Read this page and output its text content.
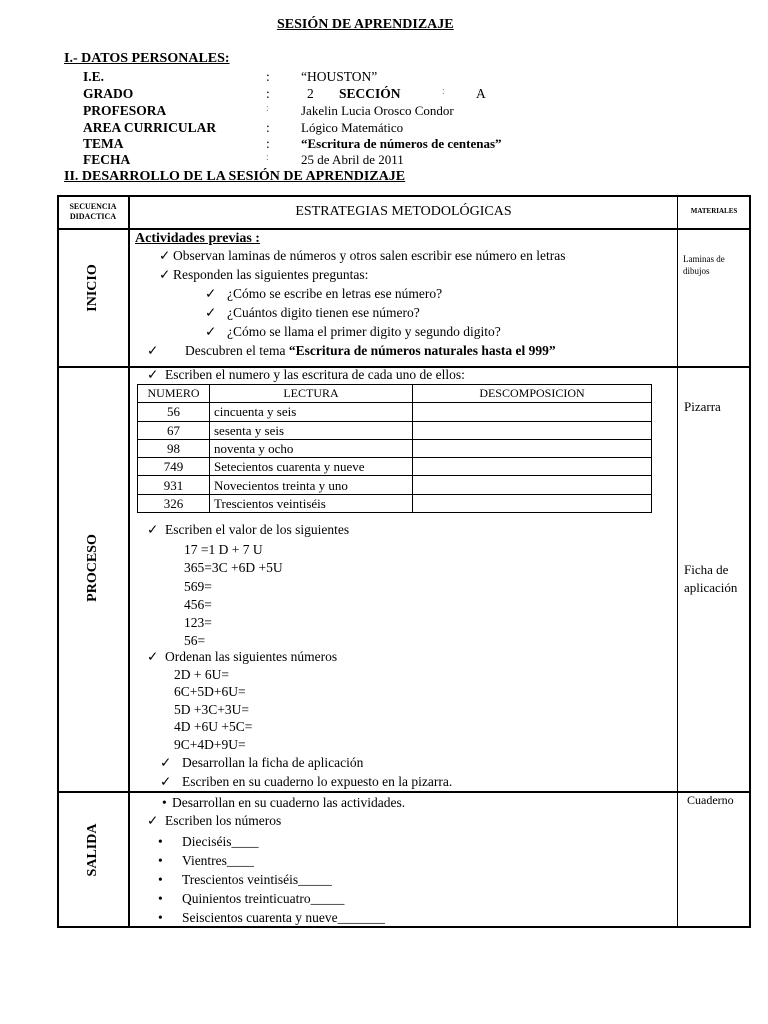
SESIÓN DE APRENDIZAJE
I.- DATOS PERSONALES:
I.E.	: “HOUSTON”
GRADO	:	2 SECCIÓN	: A
PROFESORA	: Jakelin Lucia Orosco Condor
AREA CURRICULAR	: Lógico Matemático
TEMA	: “Escritura de números de centenas”
FECHA	: 25 de Abril de 2011
II. DESARROLLO DE LA SESIÓN DE APRENDIZAJE
SECUENCIA
DIDACTICA	ESTRATEGIAS METODOLÓGICAS	MATERIALES
INICIO
Actividades previas :
✓ Observan laminas de números y otros salen escribir ese número en letras
✓ Responden las siguientes preguntas:
✓ ¿Cómo se escribe en letras ese número?
✓ ¿Cuántos digito tienen ese número?
✓ ¿Cómo se llama el primer digito y segundo digito?
✓ Descubren el tema “Escritura de números naturales hasta el 999”
Laminas de
dibujos
PROCESO
✓ Escriben el numero y las escritura de cada uno de ellos:
NUMERO	LECTURA	DESCOMPOSICION
56	cincuenta y seis	
67	sesenta y seis	
98	noventa y ocho	
749	Setecientos cuarenta y nueve	
931	Novecientos treinta y uno	
326	Trescientos veintiséis	
✓ Escriben el valor de los siguientes
17 =1 D + 7 U
365=3C +6D +5U
569=
456=
123=
56=
✓ Ordenan las siguientes números
2D + 6U=
6C+5D+6U=
5D +3C+3U=
4D +6U +5C=
9C+4D+9U=
✓ Desarrollan la ficha de aplicación
✓ Escriben en su cuaderno lo expuesto en la pizarra.
Pizarra
Ficha de
aplicación
SALIDA
• Desarrollan en su cuaderno las actividades.
✓ Escriben los números
• Dieciséis____
• Vientres____
• Trescientos veintiséis_____
• Quinientos treinticuatro_____
• Seiscientos cuarenta y nueve_______
Cuaderno
